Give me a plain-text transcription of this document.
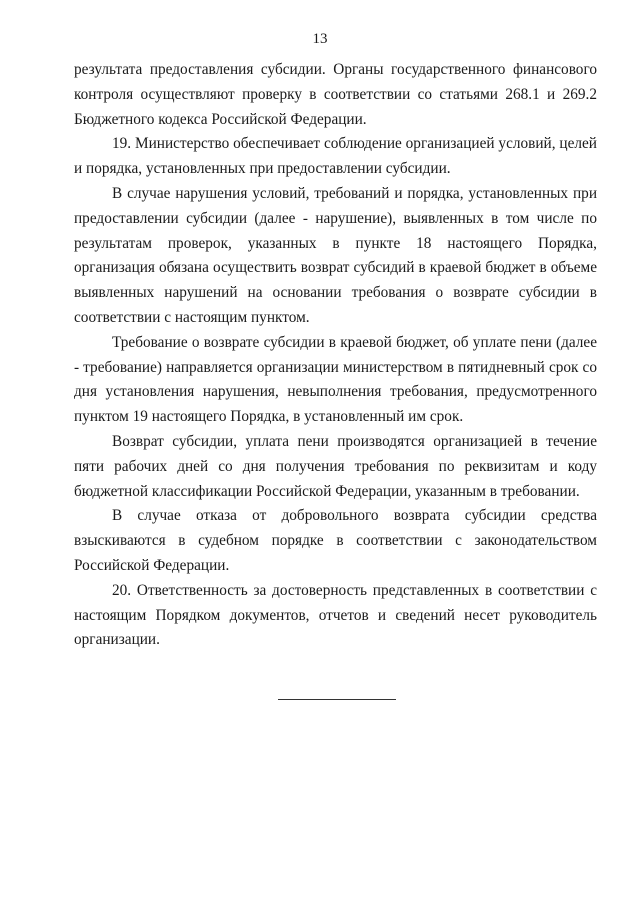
13

результата предоставления субсидии. Органы государственного финансового контроля осуществляют проверку в соответствии со статьями 268.1 и 269.2 Бюджетного кодекса Российской Федерации.

19. Министерство обеспечивает соблюдение организацией условий, целей и порядка, установленных при предоставлении субсидии.

В случае нарушения условий, требований и порядка, установленных при предоставлении субсидии (далее - нарушение), выявленных в том числе по результатам проверок, указанных в пункте 18 настоящего Порядка, организация обязана осуществить возврат субсидий в краевой бюджет в объеме выявленных нарушений на основании требования о возврате субсидии в соответствии с настоящим пунктом.

Требование о возврате субсидии в краевой бюджет, об уплате пени (далее - требование) направляется организации министерством в пятидневный срок со дня установления нарушения, невыполнения требования, предусмотренного пунктом 19 настоящего Порядка, в установленный им срок.

Возврат субсидии, уплата пени производятся организацией в течение пяти рабочих дней со дня получения требования по реквизитам и коду бюджетной классификации Российской Федерации, указанным в требовании.

В случае отказа от добровольного возврата субсидии средства взыскиваются в судебном порядке в соответствии с законодательством Российской Федерации.

20. Ответственность за достоверность представленных в соответствии с настоящим Порядком документов, отчетов и сведений несет руководитель организации.
